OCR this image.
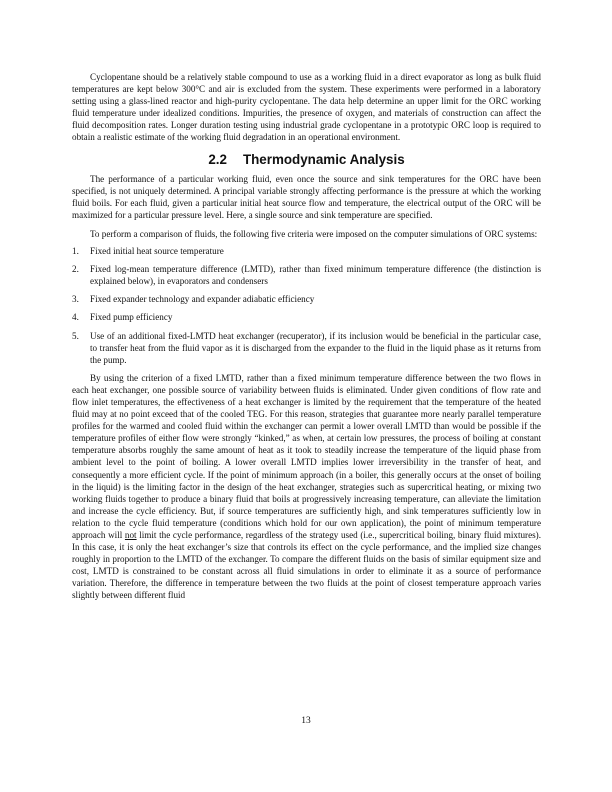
Cyclopentane should be a relatively stable compound to use as a working fluid in a direct evaporator as long as bulk fluid temperatures are kept below 300°C and air is excluded from the system. These experiments were performed in a laboratory setting using a glass-lined reactor and high-purity cyclopentane. The data help determine an upper limit for the ORC working fluid temperature under idealized conditions. Impurities, the presence of oxygen, and materials of construction can affect the fluid decomposition rates. Longer duration testing using industrial grade cyclopentane in a prototypic ORC loop is required to obtain a realistic estimate of the working fluid degradation in an operational environment.

2.2 Thermodynamic Analysis

The performance of a particular working fluid, even once the source and sink temperatures for the ORC have been specified, is not uniquely determined. A principal variable strongly affecting performance is the pressure at which the working fluid boils. For each fluid, given a particular initial heat source flow and temperature, the electrical output of the ORC will be maximized for a particular pressure level. Here, a single source and sink temperature are specified.

To perform a comparison of fluids, the following five criteria were imposed on the computer simulations of ORC systems:

1. Fixed initial heat source temperature
2. Fixed log-mean temperature difference (LMTD), rather than fixed minimum temperature difference (the distinction is explained below), in evaporators and condensers
3. Fixed expander technology and expander adiabatic efficiency
4. Fixed pump efficiency
5. Use of an additional fixed-LMTD heat exchanger (recuperator), if its inclusion would be beneficial in the particular case, to transfer heat from the fluid vapor as it is discharged from the expander to the fluid in the liquid phase as it returns from the pump.

By using the criterion of a fixed LMTD, rather than a fixed minimum temperature difference between the two flows in each heat exchanger, one possible source of variability between fluids is eliminated. Under given conditions of flow rate and flow inlet temperatures, the effectiveness of a heat exchanger is limited by the requirement that the temperature of the heated fluid may at no point exceed that of the cooled TEG. For this reason, strategies that guarantee more nearly parallel temperature profiles for the warmed and cooled fluid within the exchanger can permit a lower overall LMTD than would be possible if the temperature profiles of either flow were strongly “kinked,” as when, at certain low pressures, the process of boiling at constant temperature absorbs roughly the same amount of heat as it took to steadily increase the temperature of the liquid phase from ambient level to the point of boiling. A lower overall LMTD implies lower irreversibility in the transfer of heat, and consequently a more efficient cycle. If the point of minimum approach (in a boiler, this generally occurs at the onset of boiling in the liquid) is the limiting factor in the design of the heat exchanger, strategies such as supercritical heating, or mixing two working fluids together to produce a binary fluid that boils at progressively increasing temperature, can alleviate the limitation and increase the cycle efficiency. But, if source temperatures are sufficiently high, and sink temperatures sufficiently low in relation to the cycle fluid temperature (conditions which hold for our own application), the point of minimum temperature approach will not limit the cycle performance, regardless of the strategy used (i.e., supercritical boiling, binary fluid mixtures). In this case, it is only the heat exchanger’s size that controls its effect on the cycle performance, and the implied size changes roughly in proportion to the LMTD of the exchanger. To compare the different fluids on the basis of similar equipment size and cost, LMTD is constrained to be constant across all fluid simulations in order to eliminate it as a source of performance variation. Therefore, the difference in temperature between the two fluids at the point of closest temperature approach varies slightly between different fluid

13
